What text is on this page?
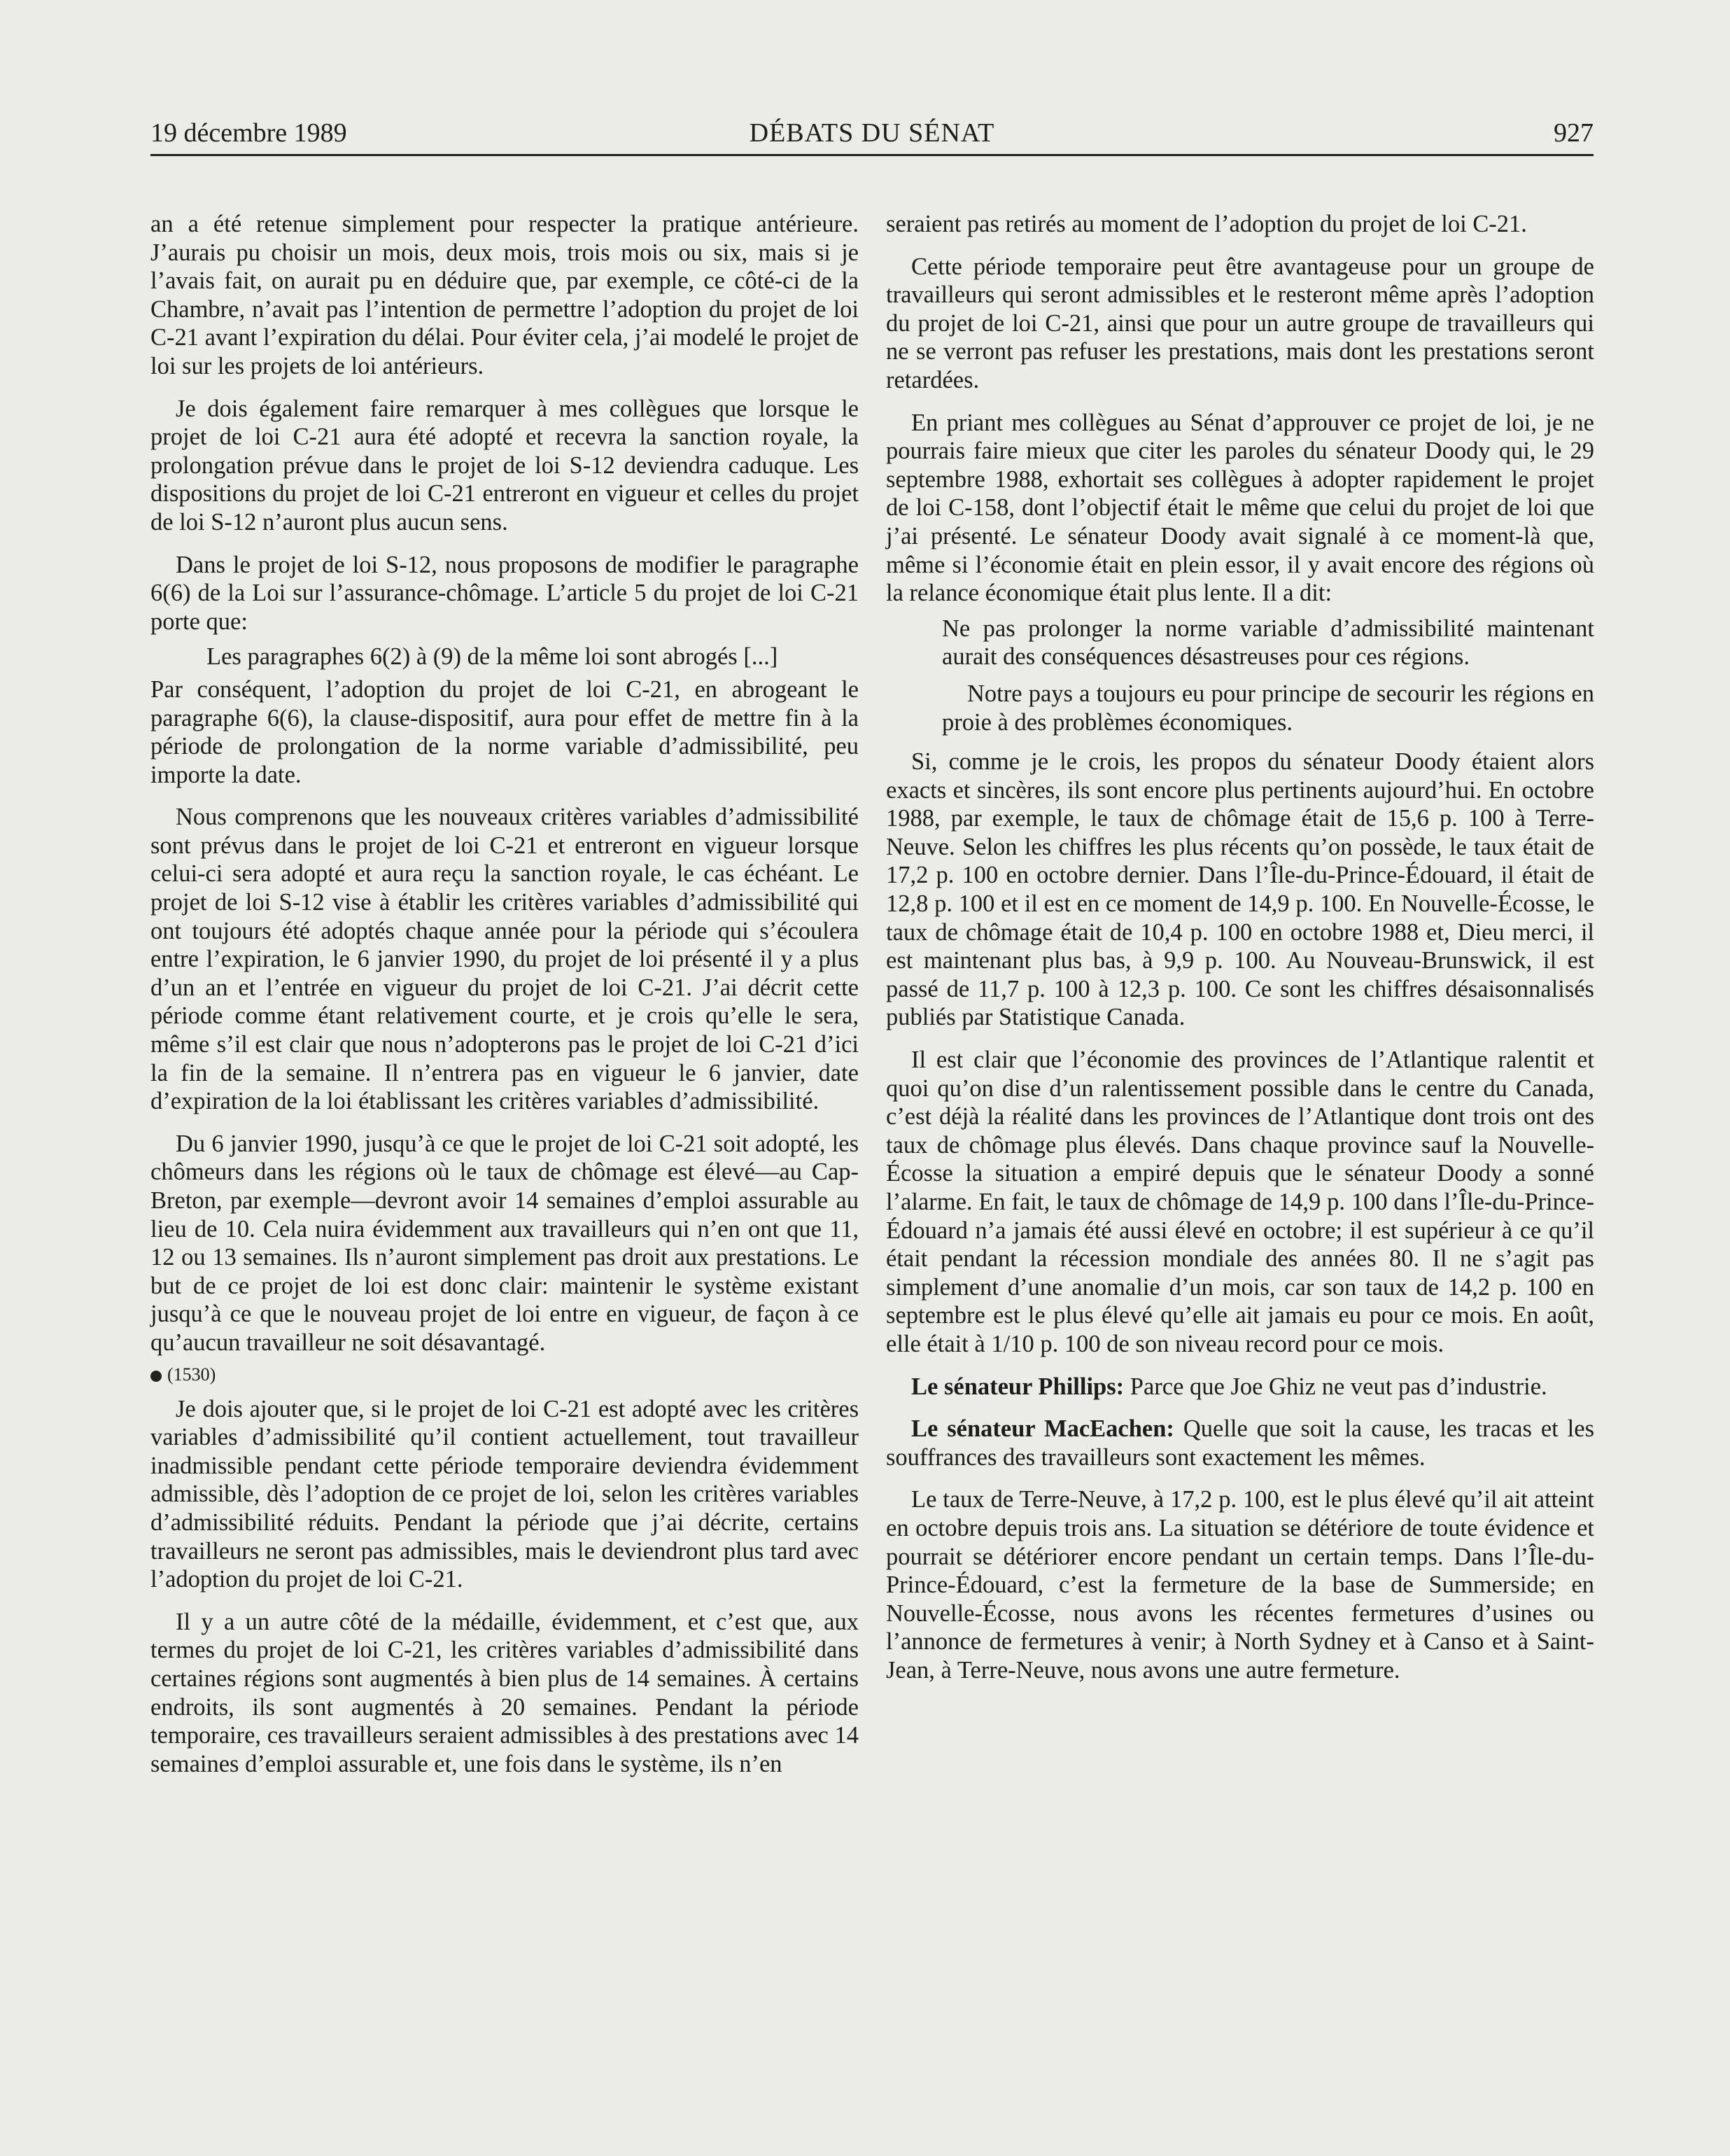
19 décembre 1989	DÉBATS DU SÉNAT	927

an a été retenue simplement pour respecter la pratique antérieure. J’aurais pu choisir un mois, deux mois, trois mois ou six, mais si je l’avais fait, on aurait pu en déduire que, par exemple, ce côté-ci de la Chambre, n’avait pas l’intention de permettre l’adoption du projet de loi C-21 avant l’expiration du délai. Pour éviter cela, j’ai modelé le projet de loi sur les projets de loi antérieurs.

Je dois également faire remarquer à mes collègues que lorsque le projet de loi C-21 aura été adopté et recevra la sanction royale, la prolongation prévue dans le projet de loi S-12 deviendra caduque. Les dispositions du projet de loi C-21 entreront en vigueur et celles du projet de loi S-12 n’auront plus aucun sens.

Dans le projet de loi S-12, nous proposons de modifier le paragraphe 6(6) de la Loi sur l’assurance-chômage. L’article 5 du projet de loi C-21 porte que:

Les paragraphes 6(2) à (9) de la même loi sont abrogés [...]

Par conséquent, l’adoption du projet de loi C-21, en abrogeant le paragraphe 6(6), la clause-dispositif, aura pour effet de mettre fin à la période de prolongation de la norme variable d’admissibilité, peu importe la date.

Nous comprenons que les nouveaux critères variables d’admissibilité sont prévus dans le projet de loi C-21 et entreront en vigueur lorsque celui-ci sera adopté et aura reçu la sanction royale, le cas échéant. Le projet de loi S-12 vise à établir les critères variables d’admissibilité qui ont toujours été adoptés chaque année pour la période qui s’écoulera entre l’expiration, le 6 janvier 1990, du projet de loi présenté il y a plus d’un an et l’entrée en vigueur du projet de loi C-21. J’ai décrit cette période comme étant relativement courte, et je crois qu’elle le sera, même s’il est clair que nous n’adopterons pas le projet de loi C-21 d’ici la fin de la semaine. Il n’entrera pas en vigueur le 6 janvier, date d’expiration de la loi établissant les critères variables d’admissibilité.

Du 6 janvier 1990, jusqu’à ce que le projet de loi C-21 soit adopté, les chômeurs dans les régions où le taux de chômage est élevé—au Cap-Breton, par exemple—devront avoir 14 semaines d’emploi assurable au lieu de 10. Cela nuira évidemment aux travailleurs qui n’en ont que 11, 12 ou 13 semaines. Ils n’auront simplement pas droit aux prestations. Le but de ce projet de loi est donc clair: maintenir le système existant jusqu’à ce que le nouveau projet de loi entre en vigueur, de façon à ce qu’aucun travailleur ne soit désavantagé.

(1530)

Je dois ajouter que, si le projet de loi C-21 est adopté avec les critères variables d’admissibilité qu’il contient actuellement, tout travailleur inadmissible pendant cette période temporaire deviendra évidemment admissible, dès l’adoption de ce projet de loi, selon les critères variables d’admissibilité réduits. Pendant la période que j’ai décrite, certains travailleurs ne seront pas admissibles, mais le deviendront plus tard avec l’adoption du projet de loi C-21.

Il y a un autre côté de la médaille, évidemment, et c’est que, aux termes du projet de loi C-21, les critères variables d’admissibilité dans certaines régions sont augmentés à bien plus de 14 semaines. À certains endroits, ils sont augmentés à 20 semaines. Pendant la période temporaire, ces travailleurs seraient admissibles à des prestations avec 14 semaines d’emploi assurable et, une fois dans le système, ils n’en

seraient pas retirés au moment de l’adoption du projet de loi C-21.

Cette période temporaire peut être avantageuse pour un groupe de travailleurs qui seront admissibles et le resteront même après l’adoption du projet de loi C-21, ainsi que pour un autre groupe de travailleurs qui ne se verront pas refuser les prestations, mais dont les prestations seront retardées.

En priant mes collègues au Sénat d’approuver ce projet de loi, je ne pourrais faire mieux que citer les paroles du sénateur Doody qui, le 29 septembre 1988, exhortait ses collègues à adopter rapidement le projet de loi C-158, dont l’objectif était le même que celui du projet de loi que j’ai présenté. Le sénateur Doody avait signalé à ce moment-là que, même si l’économie était en plein essor, il y avait encore des régions où la relance économique était plus lente. Il a dit:

Ne pas prolonger la norme variable d’admissibilité maintenant aurait des conséquences désastreuses pour ces régions.

Notre pays a toujours eu pour principe de secourir les régions en proie à des problèmes économiques.

Si, comme je le crois, les propos du sénateur Doody étaient alors exacts et sincères, ils sont encore plus pertinents aujourd’hui. En octobre 1988, par exemple, le taux de chômage était de 15,6 p. 100 à Terre-Neuve. Selon les chiffres les plus récents qu’on possède, le taux était de 17,2 p. 100 en octobre dernier. Dans l’Île-du-Prince-Édouard, il était de 12,8 p. 100 et il est en ce moment de 14,9 p. 100. En Nouvelle-Écosse, le taux de chômage était de 10,4 p. 100 en octobre 1988 et, Dieu merci, il est maintenant plus bas, à 9,9 p. 100. Au Nouveau-Brunswick, il est passé de 11,7 p. 100 à 12,3 p. 100. Ce sont les chiffres désaisonnalisés publiés par Statistique Canada.

Il est clair que l’économie des provinces de l’Atlantique ralentit et quoi qu’on dise d’un ralentissement possible dans le centre du Canada, c’est déjà la réalité dans les provinces de l’Atlantique dont trois ont des taux de chômage plus élevés. Dans chaque province sauf la Nouvelle-Écosse la situation a empiré depuis que le sénateur Doody a sonné l’alarme. En fait, le taux de chômage de 14,9 p. 100 dans l’Île-du-Prince-Édouard n’a jamais été aussi élevé en octobre; il est supérieur à ce qu’il était pendant la récession mondiale des années 80. Il ne s’agit pas simplement d’une anomalie d’un mois, car son taux de 14,2 p. 100 en septembre est le plus élevé qu’elle ait jamais eu pour ce mois. En août, elle était à 1/10 p. 100 de son niveau record pour ce mois.

Le sénateur Phillips: Parce que Joe Ghiz ne veut pas d’industrie.

Le sénateur MacEachen: Quelle que soit la cause, les tracas et les souffrances des travailleurs sont exactement les mêmes.

Le taux de Terre-Neuve, à 17,2 p. 100, est le plus élevé qu’il ait atteint en octobre depuis trois ans. La situation se détériore de toute évidence et pourrait se détériorer encore pendant un certain temps. Dans l’Île-du-Prince-Édouard, c’est la fermeture de la base de Summerside; en Nouvelle-Écosse, nous avons les récentes fermetures d’usines ou l’annonce de fermetures à venir; à North Sydney et à Canso et à Saint-Jean, à Terre-Neuve, nous avons une autre fermeture.
